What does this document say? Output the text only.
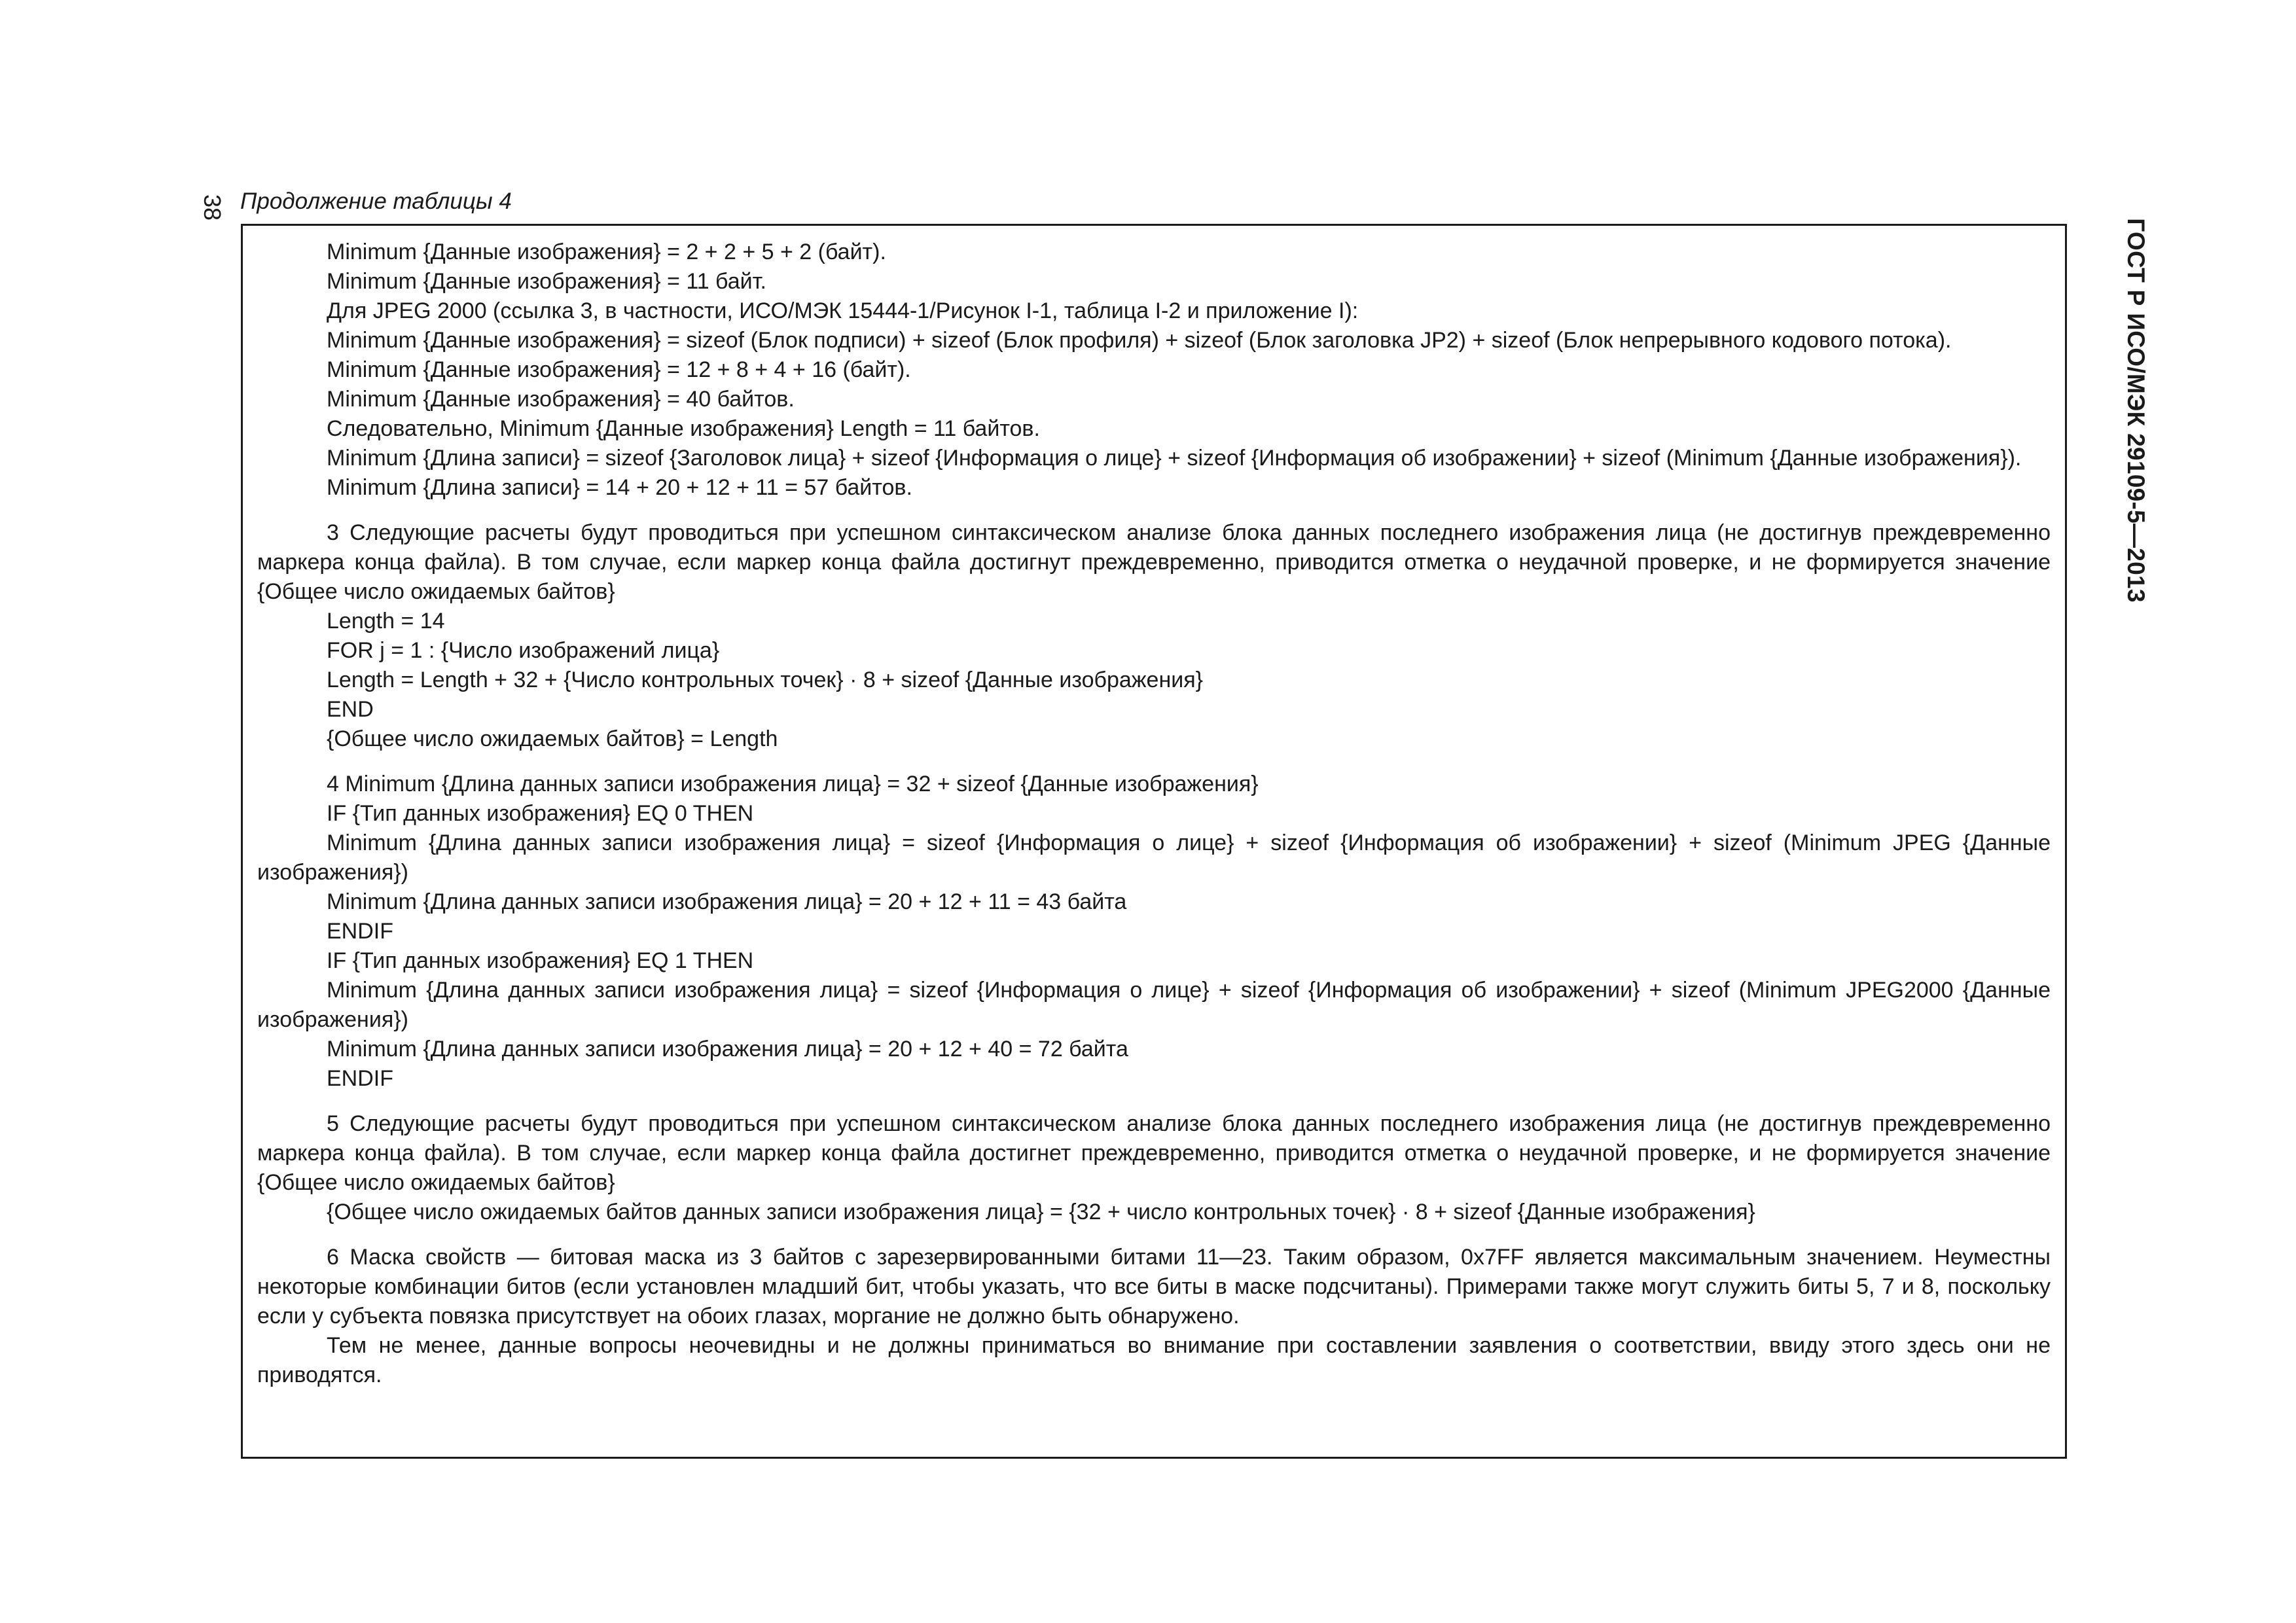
38 Продолжение таблицы 4
ГОСТ Р ИСО/МЭК 29109-5—2013

Minimum {Данные изображения} = 2 + 2 + 5 + 2 (байт).

Minimum {Данные изображения} = 11 байт.

Для JPEG 2000 (ссылка 3, в частности, ИСО/МЭК 15444-1/Рисунок I-1, таблица I-2 и приложение I):

Minimum {Данные изображения} = sizeof (Блок подписи) + sizeof (Блок профиля) + sizeof (Блок заголовка JP2) + sizeof (Блок непрерывного кодового потока).

Minimum {Данные изображения} = 12 + 8 + 4 + 16 (байт).

Minimum {Данные изображения} = 40 байтов.

Следовательно, Minimum {Данные изображения} Length = 11 байтов.

Minimum {Длина записи} = sizeof {Заголовок лица} + sizeof {Информация о лице} + sizeof {Информация об изображении} + sizeof (Minimum {Данные изображения}).

Minimum {Длина записи} = 14 + 20 + 12 + 11 = 57 байтов.

3 Следующие расчеты будут проводиться при успешном синтаксическом анализе блока данных последнего изображения лица (не достигнув преждевременно маркера конца файла). В том случае, если маркер конца файла достигнут преждевременно, приводится отметка о неудачной проверке, и не формируется значение {Общее число ожидаемых байтов}

Length = 14

FOR j = 1 : {Число изображений лица}

Length = Length + 32 + {Число контрольных точек} · 8 + sizeof {Данные изображения}

END

{Общее число ожидаемых байтов} = Length

4 Minimum {Длина данных записи изображения лица} = 32 + sizeof {Данные изображения}

IF {Тип данных изображения} EQ 0 THEN

Minimum {Длина данных записи изображения лица} = sizeof {Информация о лице} + sizeof {Информация об изображении} + sizeof (Minimum JPEG {Данные изображения})

Minimum {Длина данных записи изображения лица} = 20 + 12 + 11 = 43 байта

ENDIF

IF {Тип данных изображения} EQ 1 THEN

Minimum {Длина данных записи изображения лица} = sizeof {Информация о лице} + sizeof {Информация об изображении} + sizeof (Minimum JPEG2000 {Данные изображения})

Minimum {Длина данных записи изображения лица} = 20 + 12 + 40 = 72 байта

ENDIF

5 Следующие расчеты будут проводиться при успешном синтаксическом анализе блока данных последнего изображения лица (не достигнув преждевременно маркера конца файла). В том случае, если маркер конца файла достигнет преждевременно, приводится отметка о неудачной проверке, и не формируется значение {Общее число ожидаемых байтов}

{Общее число ожидаемых байтов данных записи изображения лица} = {32 + число контрольных точек} · 8 + sizeof {Данные изображения}

6 Маска свойств — битовая маска из 3 байтов с зарезервированными битами 11—23. Таким образом, 0x7FF является максимальным значением. Неуместны некоторые комбинации битов (если установлен младший бит, чтобы указать, что все биты в маске подсчитаны). Примерами также могут служить биты 5, 7 и 8, поскольку если у субъекта повязка присутствует на обоих глазах, моргание не должно быть обнаружено.

Тем не менее, данные вопросы неочевидны и не должны приниматься во внимание при составлении заявления о соответствии, ввиду этого здесь они не приводятся.
